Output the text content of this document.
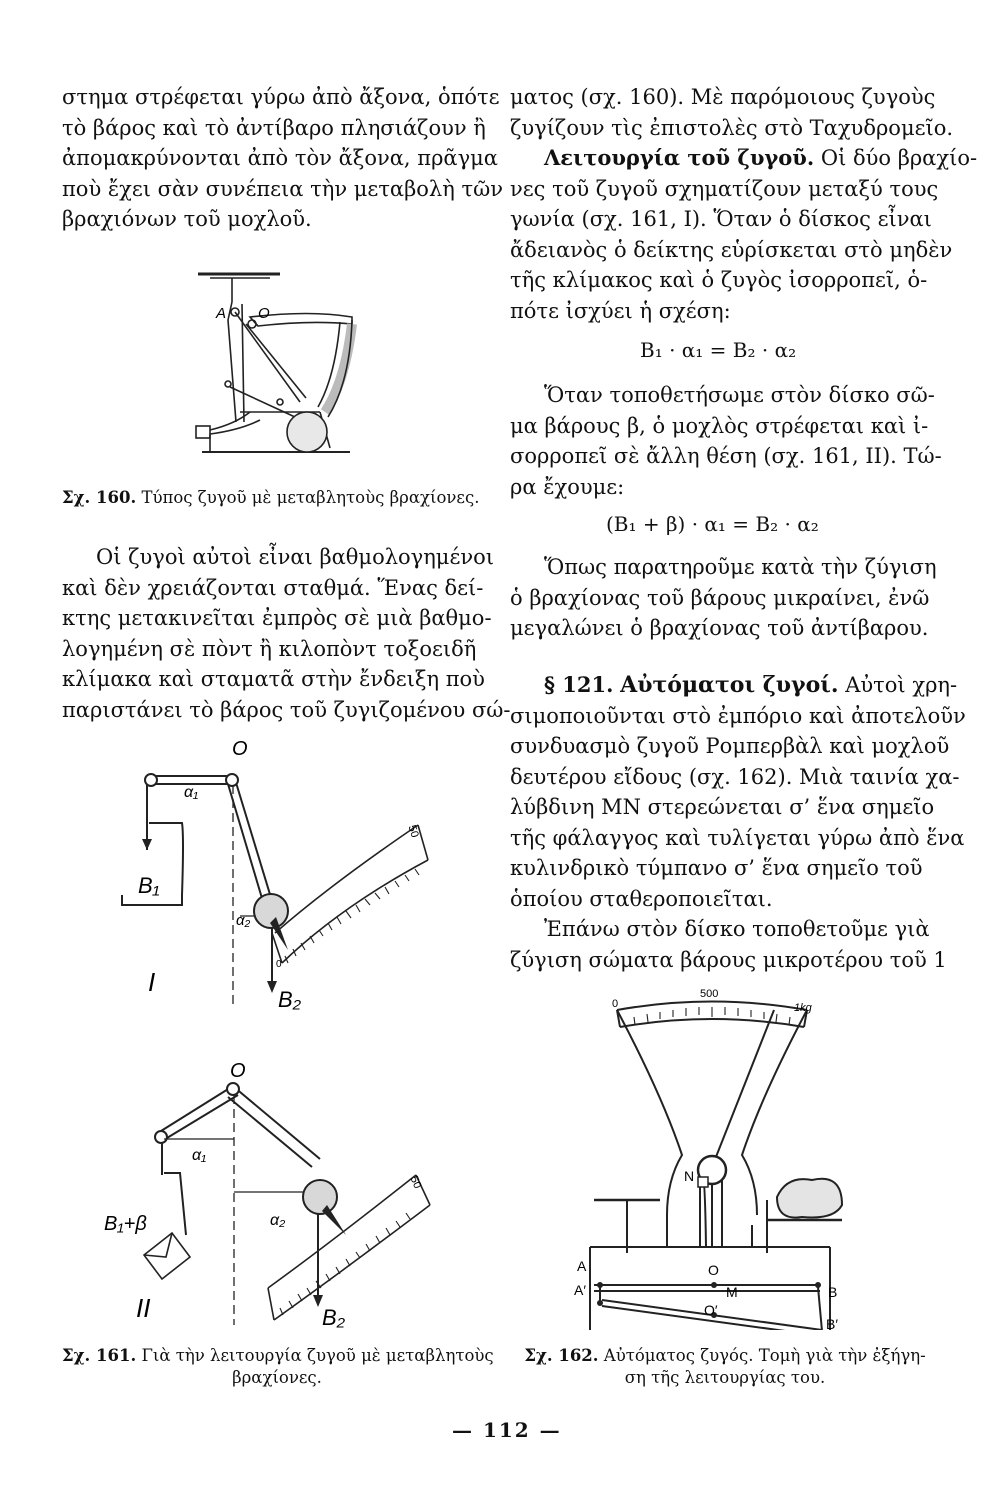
στημα στρέφεται γύρω ἀπὸ ἄξονα, ὁπότε
τὸ βάρος καὶ τὸ ἀντίβαρο πλησιάζουν ἢ
ἀπομακρύνονται ἀπὸ τὸν ἄξονα, πρᾶγμα
ποὺ ἔχει σὰν συνέπεια τὴν μεταβολὴ τῶν
βραχιόνων τοῦ μοχλοῦ.
A O
Σχ. 160. Τύπος ζυγοῦ μὲ μεταβλητοὺς βραχίονες.
Οἱ ζυγοὶ αὐτοὶ εἶναι βαθμολογημένοι
καὶ δὲν χρειάζονται σταθμά. Ἕνας δεί-
κτης μετακινεῖται ἐμπρὸς σὲ μιὰ βαθμο-
λογημένη σὲ πὸντ ἢ κιλοπὸντ τοξοειδῆ
κλίμακα καὶ σταματᾶ στὴν ἔνδειξη ποὺ
παριστάνει τὸ βάρος τοῦ ζυγιζομένου σώ-
O
α₁
α₂
B₁
B₂
0
50
I
O
α₁
α₂
B₁+β
B₂
50
II
Σχ. 161. Γιὰ τὴν λειτουργία ζυγοῦ μὲ μεταβλητοὺς
βραχίονες.
ματος (σχ. 160). Μὲ παρόμοιους ζυγοὺς
ζυγίζουν τὶς ἐπιστολὲς στὸ Ταχυδρομεῖο.
Λειτουργία τοῦ ζυγοῦ. Οἱ δύο βραχίο-
νες τοῦ ζυγοῦ σχηματίζουν μεταξύ τους
γωνία (σχ. 161, I). Ὅταν ὁ δίσκος εἶναι
ἄδειανὸς ὁ δείκτης εὑρίσκεται στὸ μηδὲν
τῆς κλίμακος καὶ ὁ ζυγὸς ἰσορροπεῖ, ὁ-
πότε ἰσχύει ἡ σχέση:
B₁ · α₁ = B₂ · α₂
Ὅταν τοποθετήσωμε στὸν δίσκο σῶ-
μα βάρους β, ὁ μοχλὸς στρέφεται καὶ ἰ-
σορροπεῖ σὲ ἄλλη θέση (σχ. 161, II). Τώ-
ρα ἔχουμε:
(B₁ + β) · α₁ = B₂ · α₂
Ὅπως παρατηροῦμε κατὰ τὴν ζύγιση
ὁ βραχίονας τοῦ βάρους μικραίνει, ἐνῶ
μεγαλώνει ὁ βραχίονας τοῦ ἀντίβαρου.
§ 121. Αὐτόματοι ζυγοί. Αὐτοὶ χρη-
σιμοποιοῦνται στὸ ἐμπόριο καὶ ἀποτελοῦν
συνδυασμὸ ζυγοῦ Ρομπερβὰλ καὶ μοχλοῦ
δευτέρου εἴδους (σχ. 162). Μιὰ ταινία χα-
λύβδινη MN στερεώνεται σ’ ἕνα σημεῖο
τῆς φάλαγγος καὶ τυλίγεται γύρω ἀπὸ ἕνα
κυλινδρικὸ τύμπανο σ’ ἕνα σημεῖο τοῦ
ὁποίου σταθεροποιεῖται.
Ἐπάνω στὸν δίσκο τοποθετοῦμε γιὰ
ζύγιση σώματα βάρους μικροτέρου τοῦ 1
0
500
1kg
N
A
A′
O
M
O′
B
B′
Σχ. 162. Αὐτόματος ζυγός. Τομὴ γιὰ τὴν ἐξήγη-
ση τῆς λειτουργίας του.
— 112 —
